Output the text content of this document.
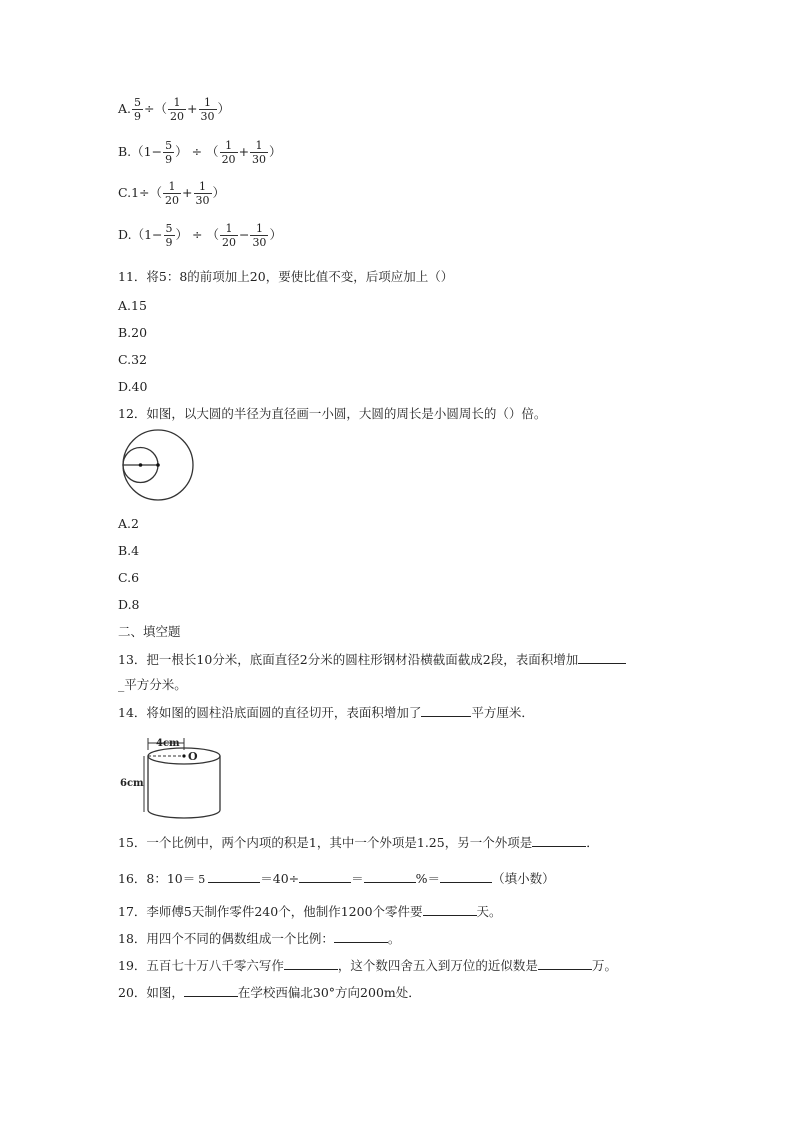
A. $\frac{5}{9}$ ÷（ $\frac{1}{20} + \frac{1}{30}$ ）
$B.(1- \frac{5}{9}$ ） ÷ （ $\frac{1}{20} + \frac{1}{30}$ ）
$C.1\div( \frac{1}{20} + \frac{1}{30}$ ）
$D.(1- \frac{5}{9}$ ） ÷ （ $\frac{1}{20} - \frac{1}{30}$ ）
11．将5：8的前项加上20，要使比值不变，后项应加上（）
A.15
B.20
C.32
D.40
12．如图，以大圆的半径为直径画一小圆，大圆的周长是小圆周长的（）倍。
A.2
B.4
C.6
D.8
二、填空题
13．把一根长10分米，底面直径2分米的圆柱形钢材沿横截面截成2段，表面积增加
_平方分米。
14．将如图的圆柱沿底面圆的直径切开，表面积增加了	平方厘米．
4cm
O
6cm
15．一个比例中，两个内项的积是1，其中一个外项是1.25，另一个外项是	．
16．8：10＝ 5	＝40÷	＝	%＝	（填小数）
17．李师傅5天制作零件240个，他制作1200个零件要	天。
18．用四个不同的偶数组成一个比例：	。
19．五百七十万八千零六写作	，这个数四舍五入到万位的近似数是	万。
20．如图，	在学校西偏北30°方向200m处．
